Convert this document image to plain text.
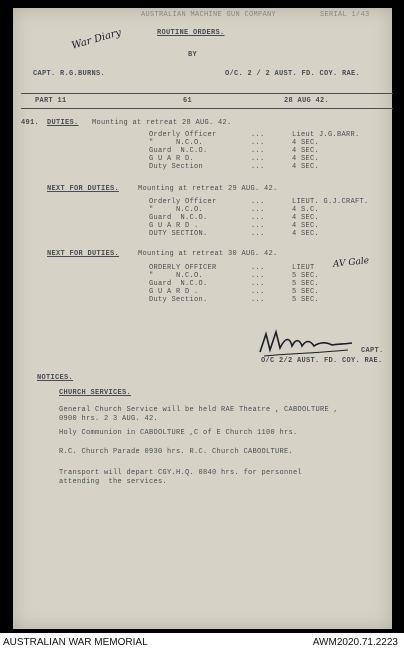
AUSTRALIAN MACHINE GUN COMPANY	SERIAL 1/43
War Diary	ROUTINE ORDERS.
BY
CAPT. R.G.BURNS.	O/C. 2 / 2 AUST. FD. COY. RAE.
PART 11	61	28 AUG 42.
491. DUTIES. Mounting at retreat 28 AUG. 42.
Orderly Officer	...	Lieut J.G.BARR.
"     N.C.O.	...	4 SEC.
Guard  N.C.O.	...	4 SEC.
G U A R D.	...	4 SEC.
Duty Section	...	4 SEC.
NEXT FOR DUTIES.	Mounting at retreat 29 AUG. 42.
Orderly Officer	...	LIEUT. G.J.CRAFT.
"     N.C.O.	...	4 S.C.
Guard  N.C.O.	...	4 SEC.
G U A R D .	...	4 SEC.
DUTY SECTION.	...	4 SEC.
NEXT FOR DUTIES.	Mounting at retreat 30 AUG. 42.
AV Gale
ORDERLY OFFICER	...	LIEUT
"     N.C.O.	...	5 SEC.
Guard  N.C.O.	...	5 SEC.
G U A R D .	...	5 SEC.
Duty Section.	...	5 SEC.
CAPT.
O/C 2/2 AUST. FD. COY. RAE.
NOTICES.
CHURCH SERVICES.
General Church Service will be held RAE Theatre , CABOOLTURE ,
0900 hrs. 2 3 AUG. 42.
Holy Communion in CABOOLTURE ,C of E Church 1100 hrs.
R.C. Church Parade 0930 hrs. R.C. Church CABOOLTURE.
Transport will depart CGY.H.Q. 0840 hrs. for personnel
attending  the services.
AUSTRALIAN WAR MEMORIAL	AWM2020.71.2223
